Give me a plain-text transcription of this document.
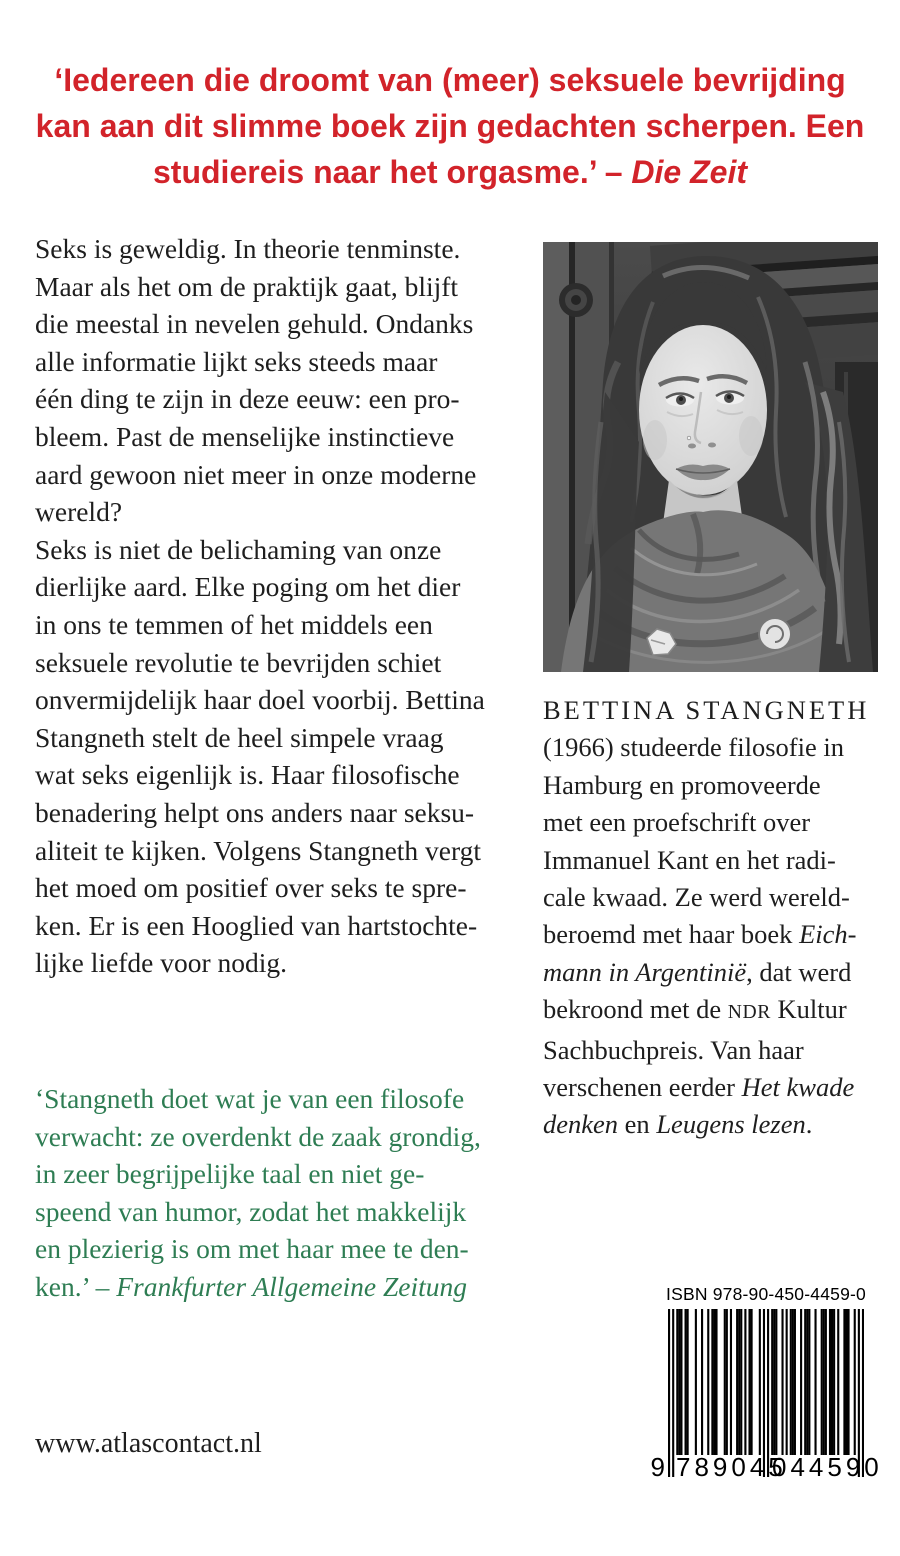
‘Iedereen die droomt van (meer) seksuele bevrijding
kan aan dit slimme boek zijn gedachten scherpen. Een
studiereis naar het orgasme.’ – Die Zeit
Seks is geweldig. In theorie tenminste.
Maar als het om de praktijk gaat, blijft
die meestal in nevelen gehuld. Ondanks
alle informatie lijkt seks steeds maar
één ding te zijn in deze eeuw: een pro-
bleem. Past de menselijke instinctieve
aard gewoon niet meer in onze moderne
wereld?
Seks is niet de belichaming van onze
dierlijke aard. Elke poging om het dier
in ons te temmen of het middels een
seksuele revolutie te bevrijden schiet
onvermijdelijk haar doel voorbij. Bettina
Stangneth stelt de heel simpele vraag
wat seks eigenlijk is. Haar filosofische
benadering helpt ons anders naar seksu-
aliteit te kijken. Volgens Stangneth vergt
het moed om positief over seks te spre-
ken. Er is een Hooglied van hartstochte-
lijke liefde voor nodig.
‘Stangneth doet wat je van een filosofe
verwacht: ze overdenkt de zaak grondig,
in zeer begrijpelijke taal en niet ge-
speend van humor, zodat het makkelijk
en plezierig is om met haar mee te den-
ken.’ – Frankfurter Allgemeine Zeitung
BETTINA STANGNETH
(1966) studeerde filosofie in
Hamburg en promoveerde
met een proefschrift over
Immanuel Kant en het radi-
cale kwaad. Ze werd wereld-
beroemd met haar boek Eich-
mann in Argentinië, dat werd
bekroond met de NDR Kultur
Sachbuchpreis. Van haar
verschenen eerder Het kwade
denken en Leugens lezen.
www.atlascontact.nl
ISBN 978-90-450-4459-0
9 789045
044590
